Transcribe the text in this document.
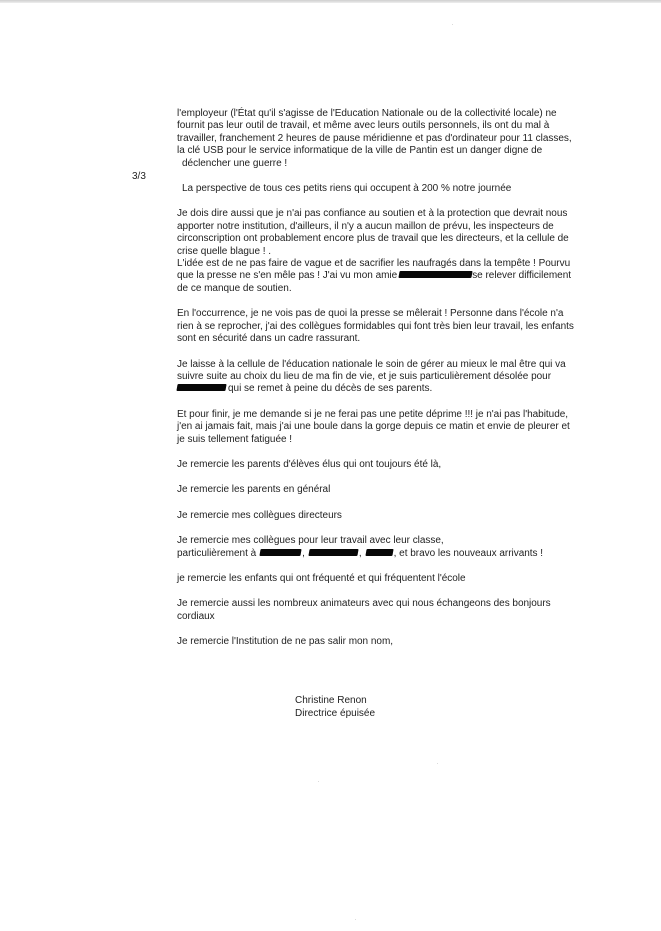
3/3

l'employeur (l'État qu'il s'agisse de l'Education Nationale ou de la collectivité locale) ne
fournit pas leur outil de travail, et même avec leurs outils personnels, ils ont du mal à
travailler, franchement 2 heures de pause méridienne et pas d'ordinateur pour 11 classes,
la clé USB pour le service informatique de la ville de Pantin est un danger digne de
déclencher une guerre !

La perspective de tous ces petits riens qui occupent à 200 % notre journée

Je dois dire aussi que je n'ai pas confiance au soutien et à la protection que devrait nous
apporter notre institution, d'ailleurs, il n'y a aucun maillon de prévu, les inspecteurs de
circonscription ont probablement encore plus de travail que les directeurs, et la cellule de
crise quelle blague ! .
L'idée est de ne pas faire de vague et de sacrifier les naufragés dans la tempête ! Pourvu
que la presse ne s'en mêle pas ! J'ai vu mon amie	se relever difficilement
de ce manque de soutien.

En l'occurrence, je ne vois pas de quoi la presse se mêlerait ! Personne dans l'école n'a
rien à se reprocher, j'ai des collègues formidables qui font très bien leur travail, les enfants
sont en sécurité dans un cadre rassurant.

Je laisse à la cellule de l'éducation nationale le soin de gérer au mieux le mal être qui va
suivre suite au choix du lieu de ma fin de vie, et je suis particulièrement désolée pour
qui se remet à peine du décès de ses parents.

Et pour finir, je me demande si je ne ferai pas une petite déprime !!! je n'ai pas l'habitude,
j'en ai jamais fait, mais j'ai une boule dans la gorge depuis ce matin et envie de pleurer et
je suis tellement fatiguée !

Je remercie les parents d'élèves élus qui ont toujours été là,

Je remercie les parents en général

Je remercie mes collègues directeurs

Je remercie mes collègues pour leur travail avec leur classe,
particulièrement à	,	,	, et bravo les nouveaux arrivants !

je remercie les enfants qui ont fréquenté et qui fréquentent l'école

Je remercie aussi les nombreux animateurs avec qui nous échangeons des bonjours
cordiaux

Je remercie l'Institution de ne pas salir mon nom,

Christine Renon
Directrice épuisée
